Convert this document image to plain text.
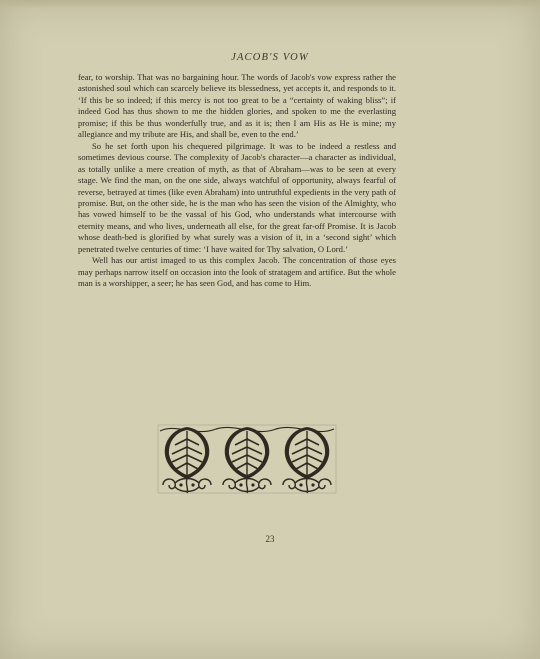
JACOB'S VOW

fear, to worship. That was no bargaining hour. The words of Jacob's vow express rather the astonished soul which can scarcely believe its blessedness, yet accepts it, and responds to it. ‘If this be so indeed; if this mercy is not too great to be a “certainty of waking bliss”; if indeed God has thus shown to me the hidden glories, and spoken to me the everlasting promise; if this be thus wonderfully true, and as it is; then I am His as He is mine; my allegiance and my tribute are His, and shall be, even to the end.’

So he set forth upon his chequered pilgrimage. It was to be indeed a restless and sometimes devious course. The complexity of Jacob's character—a character as individual, as totally unlike a mere creation of myth, as that of Abraham—was to be seen at every stage. We find the man, on the one side, always watchful of opportunity, always fearful of reverse, betrayed at times (like even Abraham) into untruthful expedients in the very path of promise. But, on the other side, he is the man who has seen the vision of the Almighty, who has vowed himself to be the vassal of his God, who understands what intercourse with eternity means, and who lives, underneath all else, for the great far-off Promise. It is Jacob whose death-bed is glorified by what surely was a vision of it, in a ‘second sight’ which penetrated twelve centuries of time: ‘I have waited for Thy salvation, O Lord.’

Well has our artist imaged to us this complex Jacob. The concentration of those eyes may perhaps narrow itself on occasion into the look of stratagem and artifice. But the whole man is a worshipper, a seer; he has seen God, and has come to Him.

23
